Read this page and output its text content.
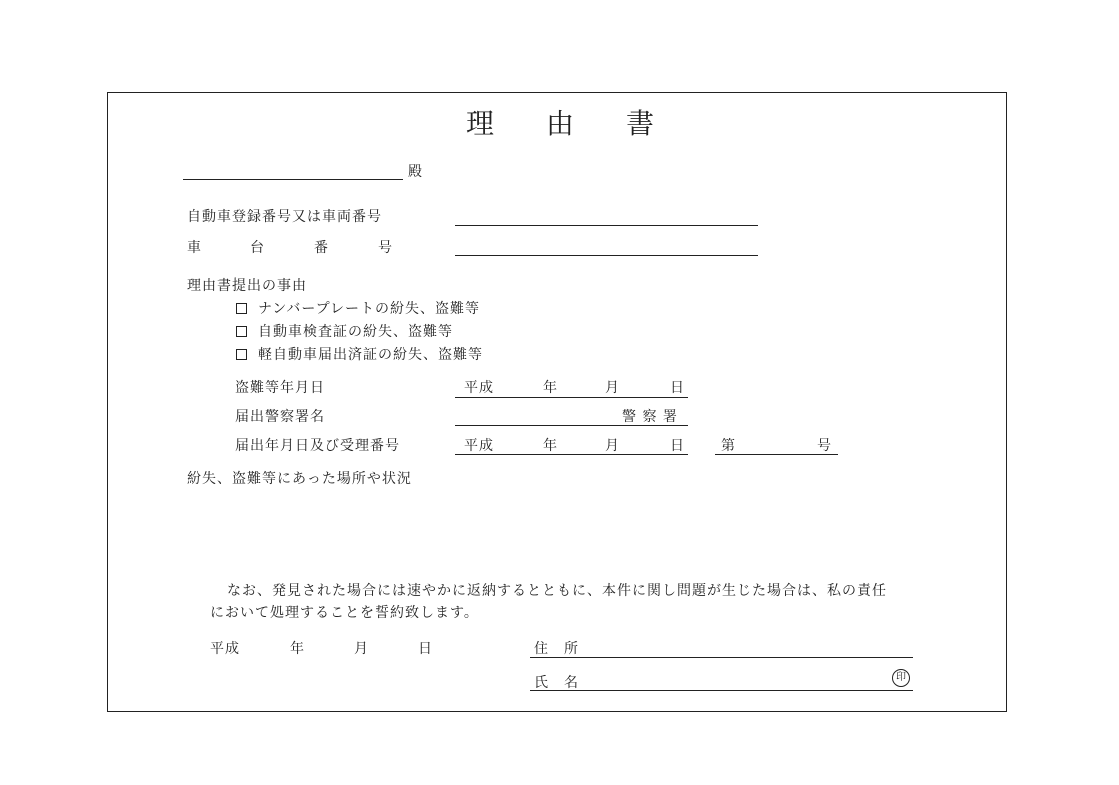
理 由 書
殿
自動車登録番号又は車両番号
車	台	番	号
理由書提出の事由
ナンバープレートの紛失、盗難等
自動車検査証の紛失、盗難等
軽自動車届出済証の紛失、盗難等
盗難等年月日	平成	年	月	日
届出警察署名	警 察 署
届出年月日及び受理番号	平成	年	月	日	第	号
紛失、盗難等にあった場所や状況
なお、発見された場合には速やかに返納するとともに、本件に関し問題が生じた場合は、私の責任
において処理することを誓約致します。
平成	年	月	日	住　所
氏　名	印
